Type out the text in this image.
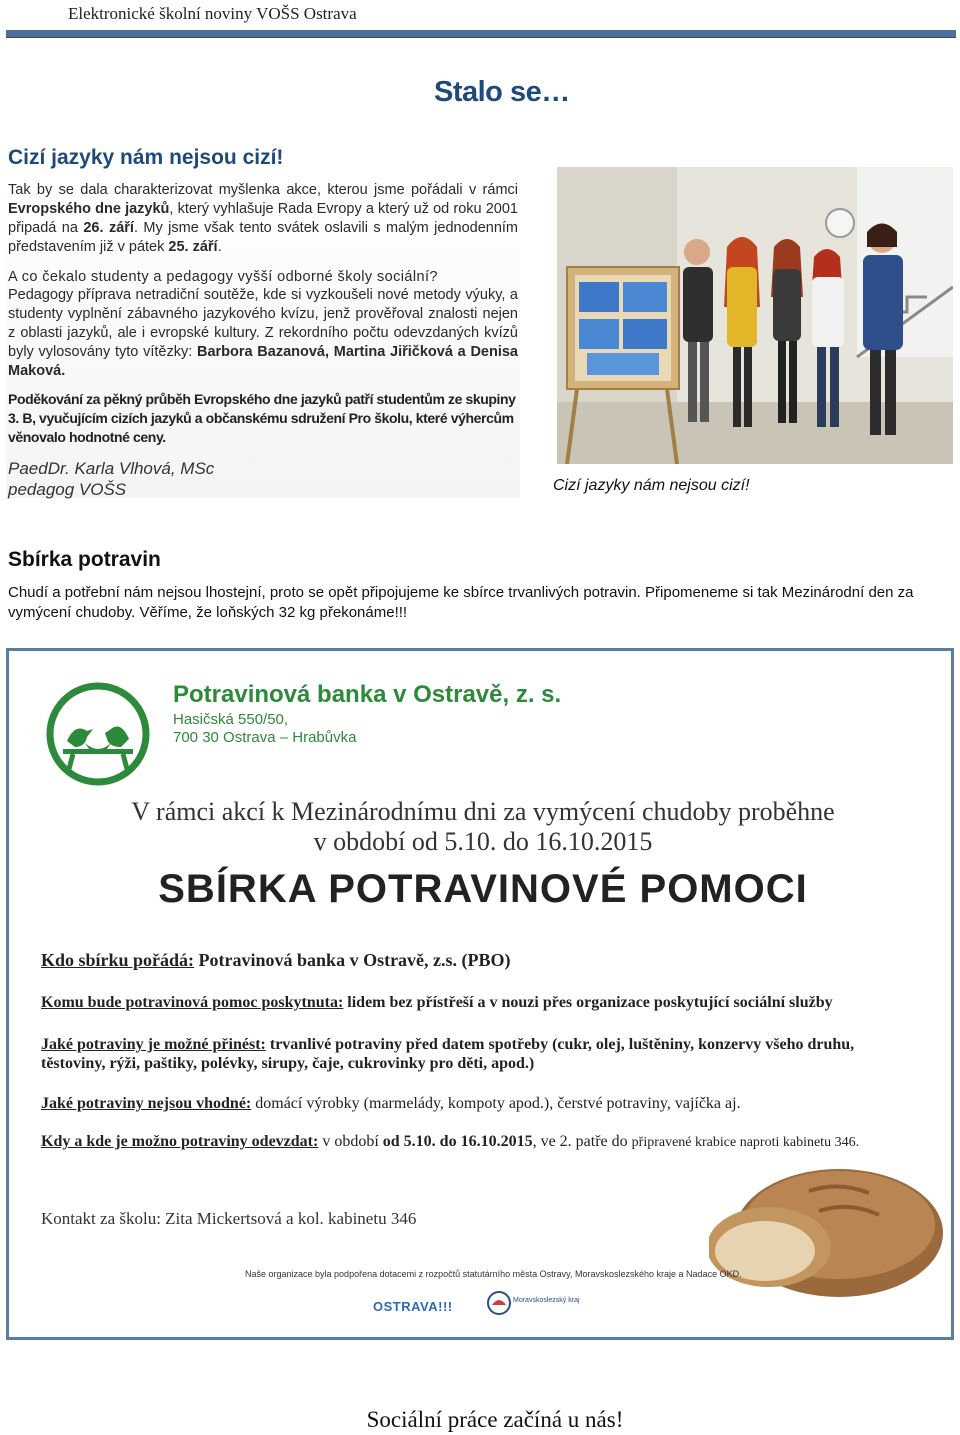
Elektronické školní noviny VOŠS Ostrava
Stalo se…
Cizí jazyky nám nejsou cizí!
Tak by se dala charakterizovat myšlenka akce, kterou jsme pořádali v rámci Evropského dne jazyků, který vyhlašuje Rada Evropy a který už od roku 2001 připadá na 26. září. My jsme však tento svátek oslavili s malým jednodenním představením již v pátek 25. září.
A co čekalo studenty a pedagogy vyšší odborné školy sociální?
Pedagogy příprava netradiční soutěže, kde si vyzkoušeli nové metody výuky, a studenty vyplnění zábavného jazykového kvízu, jenž prověřoval znalosti nejen z oblasti jazyků, ale i evropské kultury. Z rekordního počtu odevzdaných kvízů byly vylosovány tyto vítězky: Barbora Bazanová, Martina Jiřičková a Denisa Maková.
Poděkování za pěkný průběh Evropského dne jazyků patří studentům ze skupiny 3. B, vyučujícím cizích jazyků a občanskému sdružení Pro školu, které výhercům věnovalo hodnotné ceny.
PaedDr. Karla Vlhová, MSc
pedagog VOŠS	Cizí jazyky nám nejsou cizí!
Sbírka potravin
Chudí a potřební nám nejsou lhostejní, proto se opět připojujeme ke sbírce trvanlivých potravin. Připomeneme si tak Mezinárodní den za vymýcení chudoby. Věříme, že loňských 32 kg překonáme!!!
Potravinová banka v Ostravě, z. s.
Hasičská 550/50,
700 30 Ostrava – Hrabůvka
V rámci akcí k Mezinárodnímu dni za vymýcení chudoby proběhne
v období od 5.10. do 16.10.2015
SBÍRKA POTRAVINOVÉ POMOCI
Kdo sbírku pořádá: Potravinová banka v Ostravě, z.s. (PBO)
Komu bude potravinová pomoc poskytnuta: lidem bez přístřeší a v nouzi přes organizace poskytující sociální služby
Jaké potraviny je možné přinést: trvanlivé potraviny před datem spotřeby (cukr, olej, luštěniny, konzervy všeho druhu, těstoviny, rýži, paštiky, polévky, sirupy, čaje, cukrovinky pro děti, apod.)
Jaké potraviny nejsou vhodné: domácí výrobky (marmelády, kompoty apod.), čerstvé potraviny, vajíčka aj.
Kdy a kde je možno potraviny odevzdat: v období od 5.10. do 16.10.2015, ve 2. patře do připravené krabice naproti kabinetu 346.
Kontakt za školu: Zita Mickertsová a kol. kabinetu 346
Naše organizace byla podpořena dotacemi z rozpočtů statutárního města Ostravy, Moravskoslezského kraje a Nadace OKD.
OSTRAVA!!!	Moravskoslezský kraj
Sociální práce začíná u nás!
